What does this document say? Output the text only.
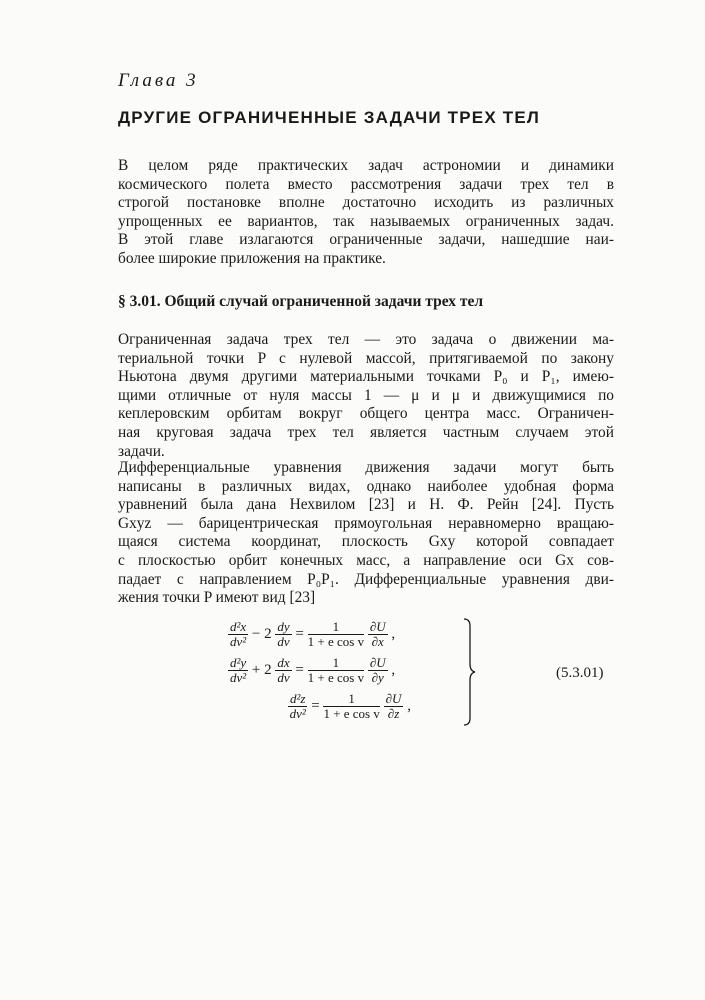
Глава 3
ДРУГИЕ ОГРАНИЧЕННЫЕ ЗАДАЧИ ТРЕХ ТЕЛ
В целом ряде практических задач астрономии и динамики
космического полета вместо рассмотрения задачи трех тел в
строгой постановке вполне достаточно исходить из различных
упрощенных ее вариантов, так называемых ограниченных задач.
В этой главе излагаются ограниченные задачи, нашедшие наи-
более широкие приложения на практике.
§ 3.01. Общий случай ограниченной задачи трех тел
Ограниченная задача трех тел — это задача о движении ма-
териальной точки P с нулевой массой, притягиваемой по закону
Ньютона двумя другими материальными точками P₀ и P₁, имею-
щими отличные от нуля массы 1 — μ и μ и движущимися по
кеплеровским орбитам вокруг общего центра масс. Ограничен-
ная круговая задача трех тел является частным случаем этой
задачи.
Дифференциальные уравнения движения задачи могут быть
написаны в различных видах, однако наиболее удобная форма
уравнений была дана Нехвилом [23] и Н. Ф. Рейн [24]. Пусть
Gxyz — барицентрическая прямоугольная неравномерно вращаю-
щаяся система координат, плоскость Gxy которой совпадает
с плоскостью орбит конечных масс, а направление оси Gx сов-
падает с направлением P₀P₁. Дифференциальные уравнения дви-
жения точки P имеют вид [23]
$\frac{\text{d²x}}{\text{dv²}} - 2 \frac{dy}{dv} = \frac{1}{\text{1 + e cos v}}$
$\frac{\partial U}{\partial x}$ ,
$\frac{\text{d²y}}{\text{dv²}} + 2 \frac{dx}{dv} = \frac{1}{\text{1 + e cos v}}$
$\frac{\partial U}{\partial y}$ ,
$\frac{\text{d²z}}{\text{dv²}} = \frac{1}{\text{1 + e cos v}}$
$\frac{\partial U}{\partial z}$ ,
(5.3.01)
